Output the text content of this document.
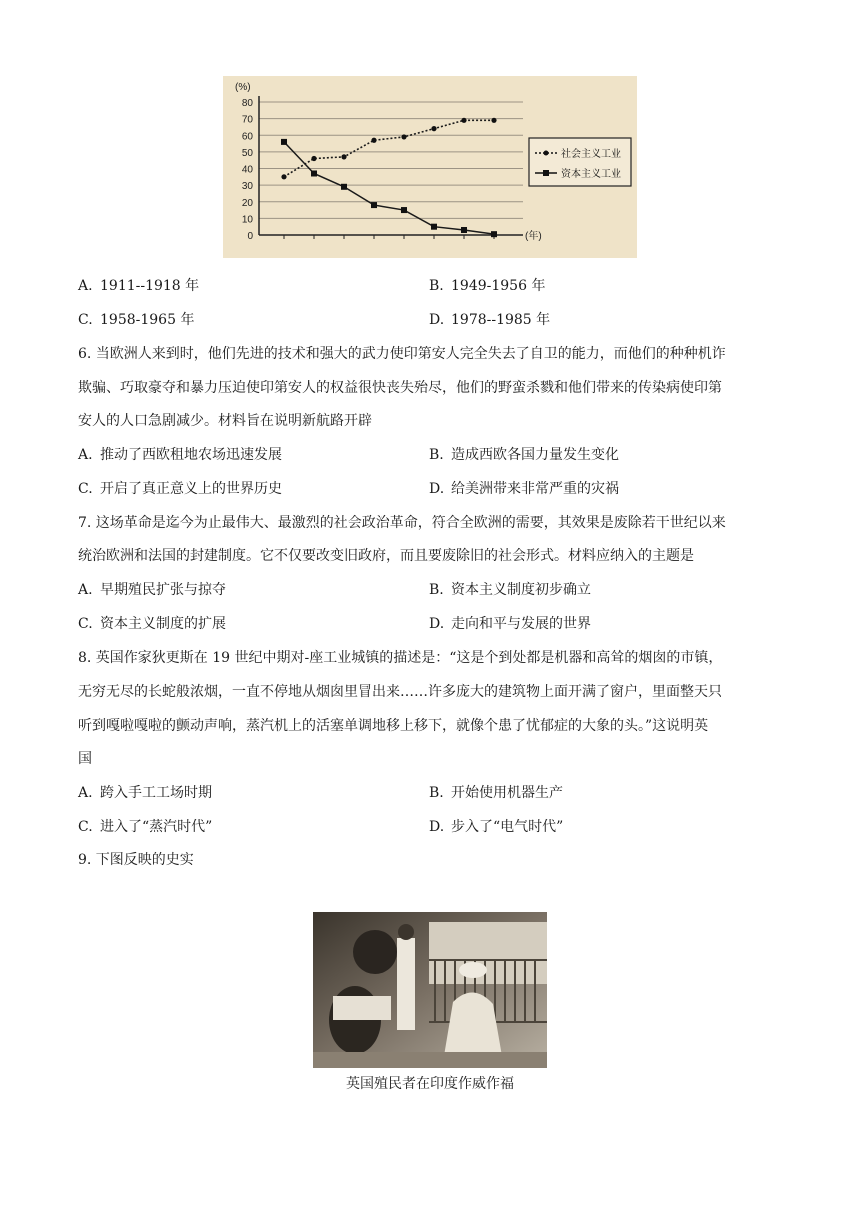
0
10
20
30
40
50
60
70
80
(%)
(年)
社会主义工业
资本主义工业
A. 1911--1918 年	B. 1949-1956 年
C. 1958-1965 年	D. 1978--1985 年
6. 当欧洲人来到时，他们先进的技术和强大的武力使印第安人完全失去了自卫的能力，而他们的种种机诈
欺骗、巧取豪夺和暴力压迫使印第安人的权益很快丧失殆尽，他们的野蛮杀戮和他们带来的传染病使印第
安人的人口急剧减少。材料旨在说明新航路开辟
A. 推动了西欧租地农场迅速发展	B. 造成西欧各国力量发生变化
C. 开启了真正意义上的世界历史	D. 给美洲带来非常严重的灾祸
7. 这场革命是迄今为止最伟大、最激烈的社会政治革命，符合全欧洲的需要，其效果是废除若干世纪以来
统治欧洲和法国的封建制度。它不仅要改变旧政府，而且要废除旧的社会形式。材料应纳入的主题是
A. 早期殖民扩张与掠夺	B. 资本主义制度初步确立
C. 资本主义制度的扩展	D. 走向和平与发展的世界
8. 英国作家狄更斯在 19 世纪中期对-座工业城镇的描述是：“这是个到处都是机器和高耸的烟囱的市镇，
无穷无尽的长蛇般浓烟，一直不停地从烟囱里冒出来……许多庞大的建筑物上面开满了窗户，里面整天只
听到嘎啦嘎啦的颤动声响，蒸汽机上的活塞单调地移上移下，就像个患了忧郁症的大象的头。”这说明英
国
A. 跨入手工工场时期	B. 开始使用机器生产
C. 进入了“蒸汽时代”	D. 步入了“电气时代”
9. 下图反映的史实
英国殖民者在印度作威作福
